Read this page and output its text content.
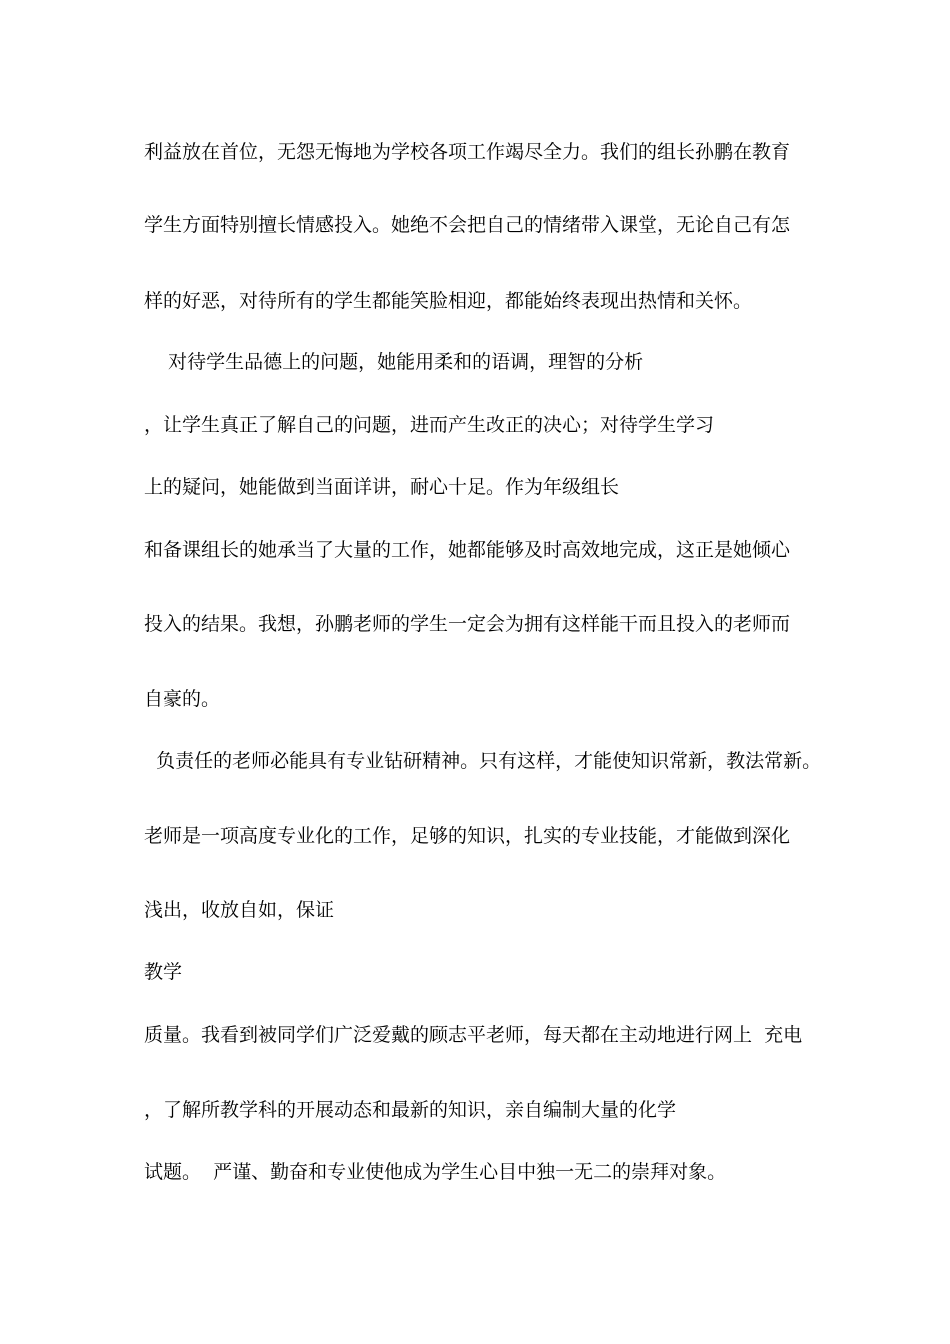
利益放在首位，无怨无悔地为学校各项工作竭尽全力。我们的组长孙鹏在教育
学生方面特别擅长情感投入。她绝不会把自己的情绪带入课堂，无论自己有怎
样的好恶，对待所有的学生都能笑脸相迎，都能始终表现出热情和关怀。
对待学生品德上的问题，她能用柔和的语调，理智的分析
，让学生真正了解自己的问题，进而产生改正的决心；对待学生学习
上的疑问，她能做到当面详讲，耐心十足。作为年级组长
和备课组长的她承当了大量的工作，她都能够及时高效地完成，这正是她倾心
投入的结果。我想，孙鹏老师的学生一定会为拥有这样能干而且投入的老师而
自豪的。
负责任的老师必能具有专业钻研精神。只有这样，才能使知识常新，教法常新。
老师是一项高度专业化的工作，足够的知识，扎实的专业技能，才能做到深化
浅出，收放自如，保证
教学
质量。我看到被同学们广泛爱戴的顾志平老师，每天都在主动地进行网上  充电
，了解所教学科的开展动态和最新的知识，亲自编制大量的化学
试题。  严谨、勤奋和专业使他成为学生心目中独一无二的崇拜对象。
